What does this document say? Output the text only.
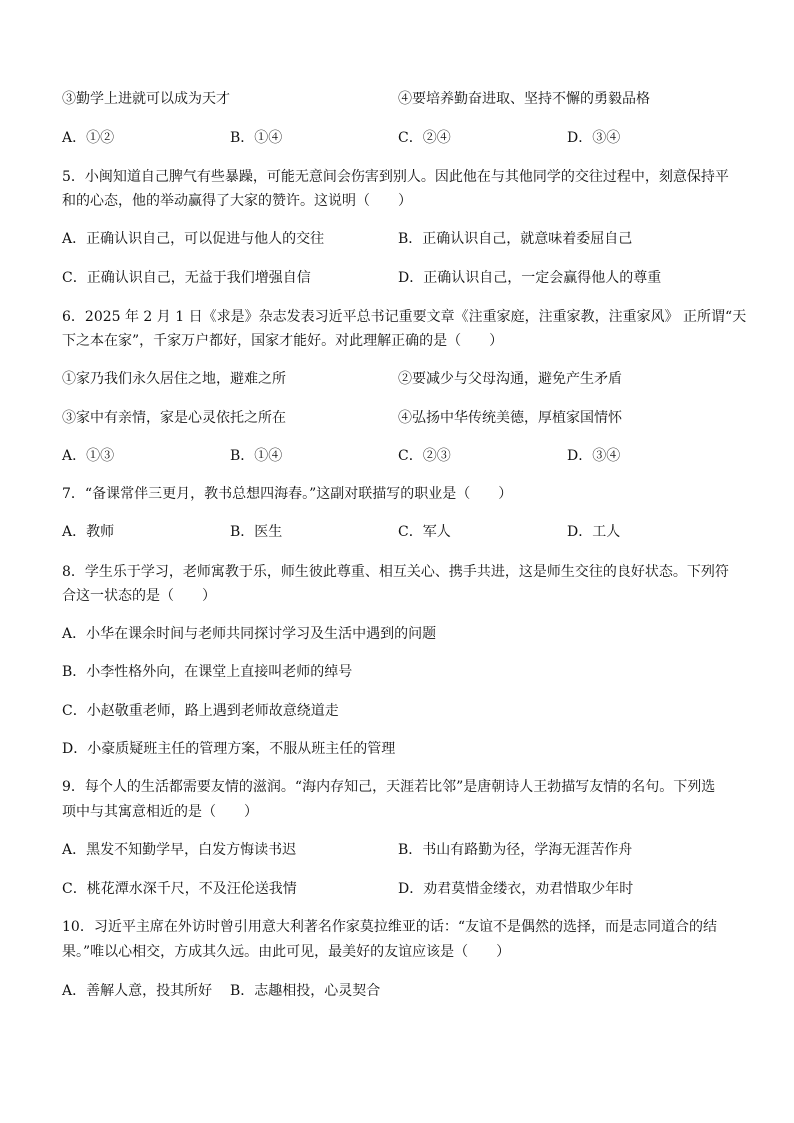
③勤学上进就可以成为天才	④要培养勤奋进取、坚持不懈的勇毅品格
A．①②	B．①④	C．②④	D．③④
5．小闽知道自己脾气有些暴躁，可能无意间会伤害到别人。因此他在与其他同学的交往过程中，刻意保持平
和的心态，他的举动赢得了大家的赞许。这说明（　　）
A．正确认识自己，可以促进与他人的交往	B．正确认识自己，就意味着委屈自己
C．正确认识自己，无益于我们增强自信	D．正确认识自己，一定会赢得他人的尊重
6．2025 年 2 月 1 日《求是》杂志发表习近平总书记重要文章《注重家庭，注重家教，注重家风》 正所谓“天
下之本在家”，千家万户都好，国家才能好。对此理解正确的是（　　）
①家乃我们永久居住之地，避难之所	②要减少与父母沟通，避免产生矛盾
③家中有亲情，家是心灵依托之所在	④弘扬中华传统美德，厚植家国情怀
A．①③	B．①④	C．②③	D．③④
7．“备课常伴三更月，教书总想四海春。”这副对联描写的职业是（　　）
A．教师	B．医生	C．军人	D．工人
8．学生乐于学习，老师寓教于乐，师生彼此尊重、相互关心、携手共进，这是师生交往的良好状态。下列符
合这一状态的是（　　）
A．小华在课余时间与老师共同探讨学习及生活中遇到的问题
B．小李性格外向，在课堂上直接叫老师的绰号
C．小赵敬重老师，路上遇到老师故意绕道走
D．小豪质疑班主任的管理方案，不服从班主任的管理
9．每个人的生活都需要友情的滋润。“海内存知己，天涯若比邻”是唐朝诗人王勃描写友情的名句。下列选
项中与其寓意相近的是（　　）
A．黑发不知勤学早，白发方悔读书迟	B．书山有路勤为径，学海无涯苦作舟
C．桃花潭水深千尺，不及汪伦送我情	D．劝君莫惜金缕衣，劝君惜取少年时
10．习近平主席在外访时曾引用意大利著名作家莫拉维亚的话：“友谊不是偶然的选择，而是志同道合的结
果。”唯以心相交，方成其久远。由此可见，最美好的友谊应该是（　　）
A．善解人意，投其所好 B．志趣相投，心灵契合
